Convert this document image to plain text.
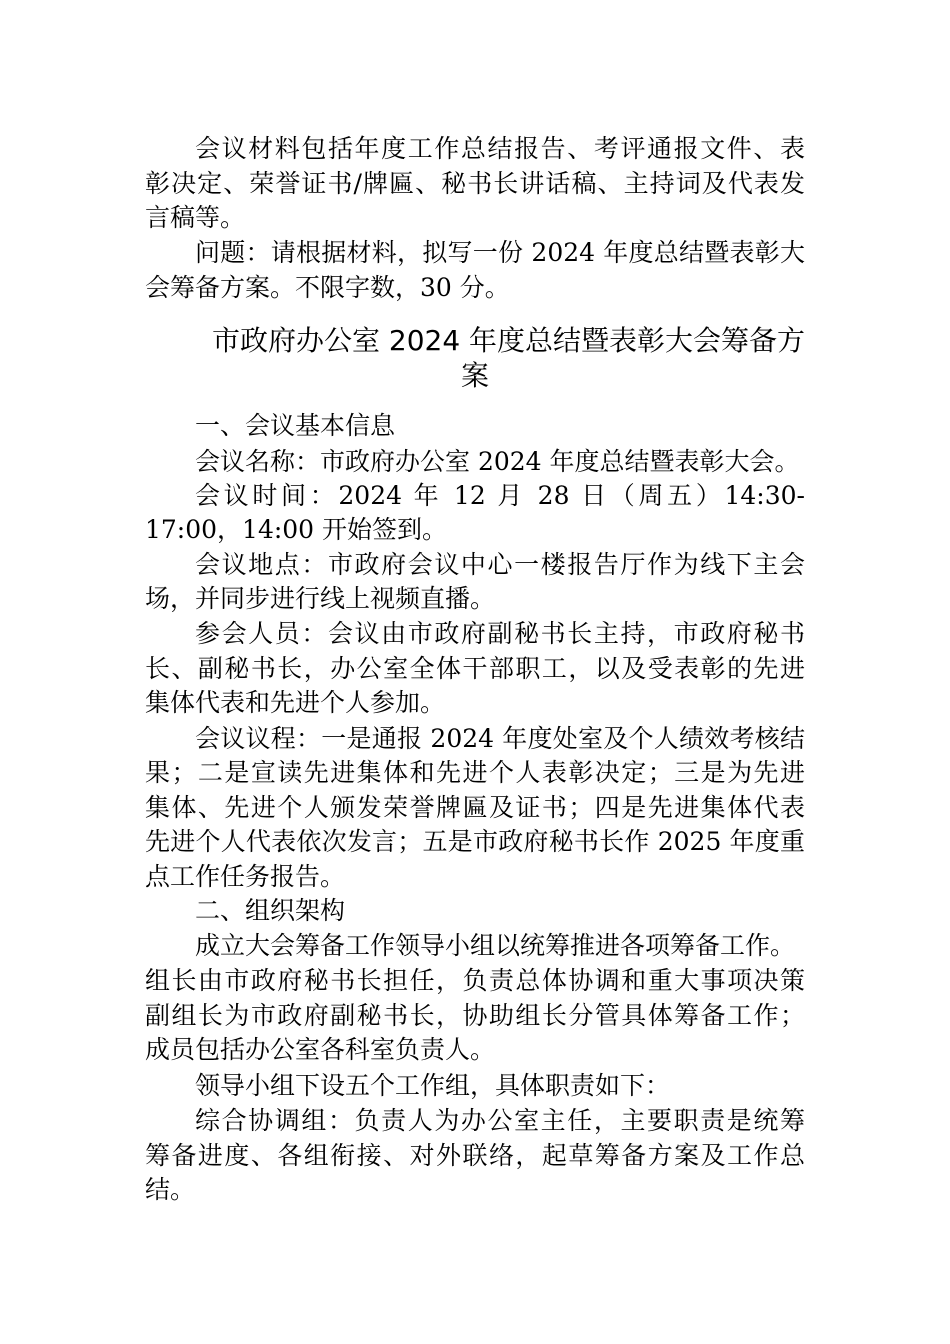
会议材料包括年度工作总结报告、考评通报文件、表
彰决定、荣誉证书/牌匾、秘书长讲话稿、主持词及代表发
言稿等。
问题：请根据材料，拟写一份 2024 年度总结暨表彰大
会筹备方案。不限字数，30 分。
市政府办公室 2024 年度总结暨表彰大会筹备方
案
一、会议基本信息
会议名称：市政府办公室 2024 年度总结暨表彰大会。
会议时间：2024 年 12 月 28 日（周五）14:30-
17:00，14:00 开始签到。
会议地点：市政府会议中心一楼报告厅作为线下主会
场，并同步进行线上视频直播。
参会人员：会议由市政府副秘书长主持，市政府秘书
长、副秘书长，办公室全体干部职工，以及受表彰的先进
集体代表和先进个人参加。
会议议程：一是通报 2024 年度处室及个人绩效考核结
果；二是宣读先进集体和先进个人表彰决定；三是为先进
集体、先进个人颁发荣誉牌匾及证书；四是先进集体代表
先进个人代表依次发言；五是市政府秘书长作 2025 年度重
点工作任务报告。
二、组织架构
成立大会筹备工作领导小组以统筹推进各项筹备工作。
组长由市政府秘书长担任，负责总体协调和重大事项决策
副组长为市政府副秘书长，协助组长分管具体筹备工作；
成员包括办公室各科室负责人。
领导小组下设五个工作组，具体职责如下：
综合协调组：负责人为办公室主任，主要职责是统筹
筹备进度、各组衔接、对外联络，起草筹备方案及工作总
结。
